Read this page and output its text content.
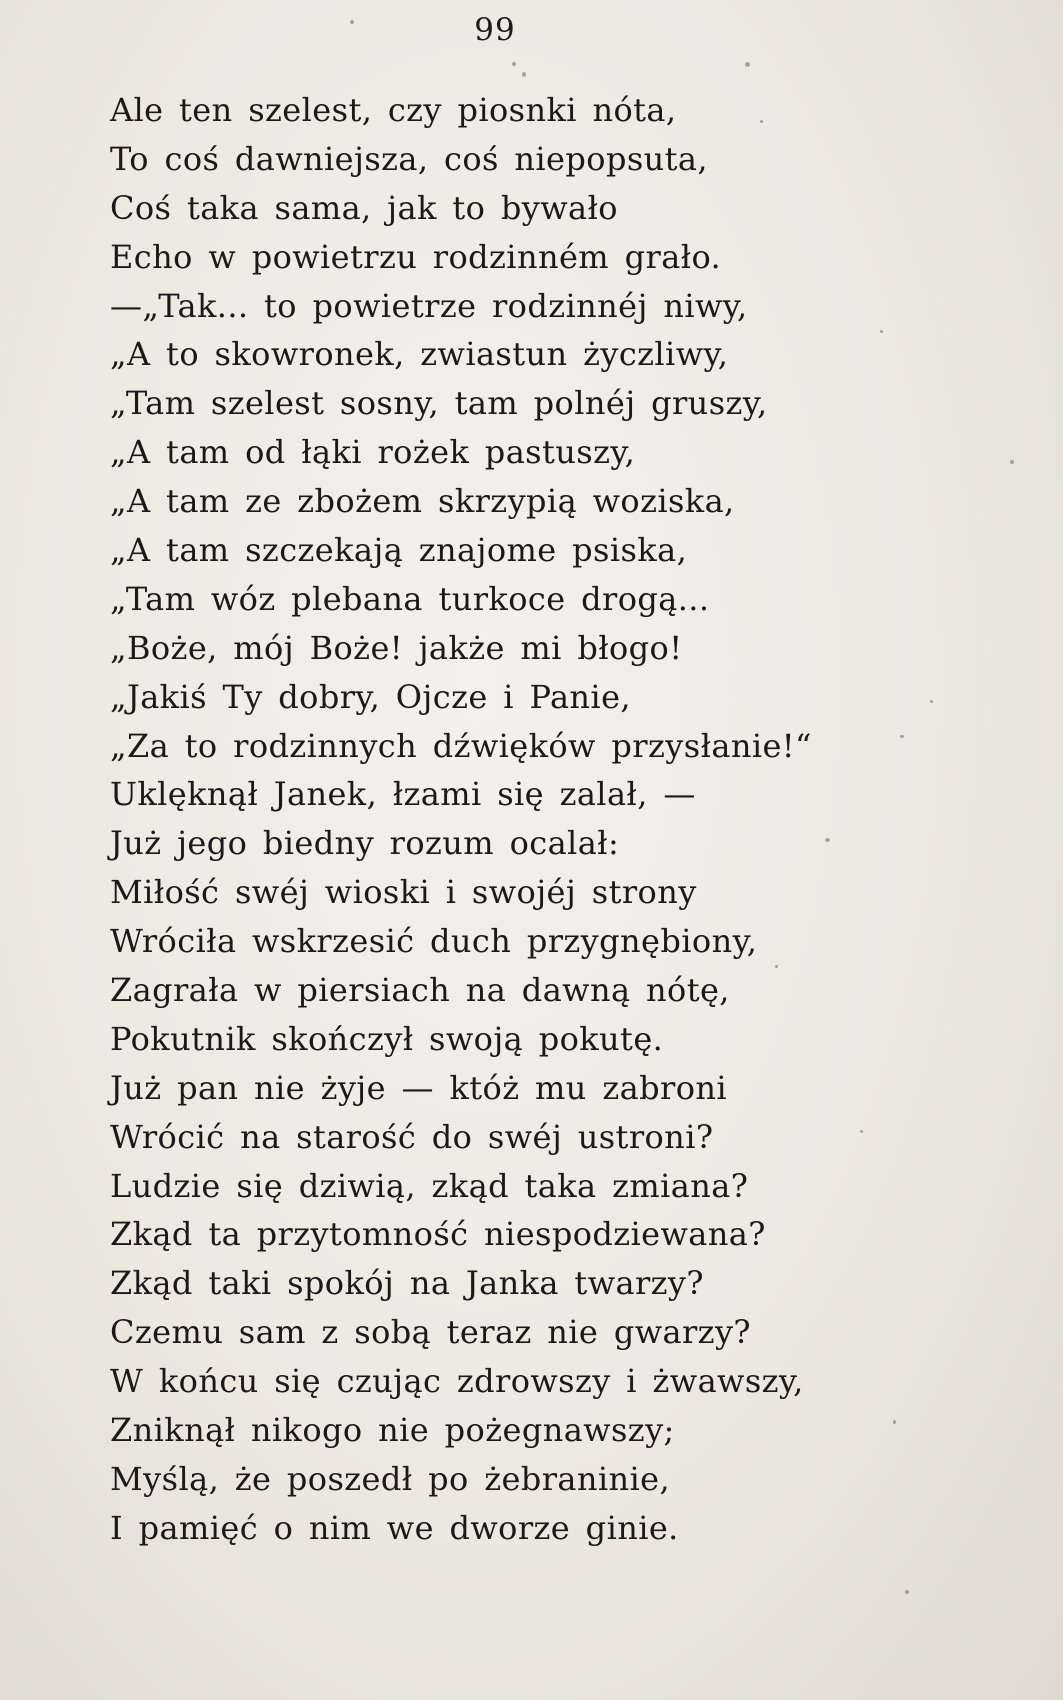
99
Ale ten szelest, czy piosnki nóta,
To coś dawniejsza, coś niepopsuta,
Coś taka sama, jak to bywało
Echo w powietrzu rodzinném grało.
—„Tak... to powietrze rodzinnéj niwy,
„A to skowronek, zwiastun życzliwy,
„Tam szelest sosny, tam polnéj gruszy,
„A tam od łąki rożek pastuszy,
„A tam ze zbożem skrzypią woziska,
„A tam szczekają znajome psiska,
„Tam wóz plebana turkoce drogą...
„Boże, mój Boże! jakże mi błogo!
„Jakiś Ty dobry, Ojcze i Panie,
„Za to rodzinnych dźwięków przysłanie!“
Uklęknął Janek, łzami się zalał, —
Już jego biedny rozum ocalał:
Miłość swéj wioski i swojéj strony
Wróciła wskrzesić duch przygnębiony,
Zagrała w piersiach na dawną nótę,
Pokutnik skończył swoją pokutę.
Już pan nie żyje — któż mu zabroni
Wrócić na starość do swéj ustroni?
Ludzie się dziwią, zkąd taka zmiana?
Zkąd ta przytomność niespodziewana?
Zkąd taki spokój na Janka twarzy?
Czemu sam z sobą teraz nie gwarzy?
W końcu się czując zdrowszy i żwawszy,
Zniknął nikogo nie pożegnawszy;
Myślą, że poszedł po żebraninie,
I pamięć o nim we dworze ginie.
